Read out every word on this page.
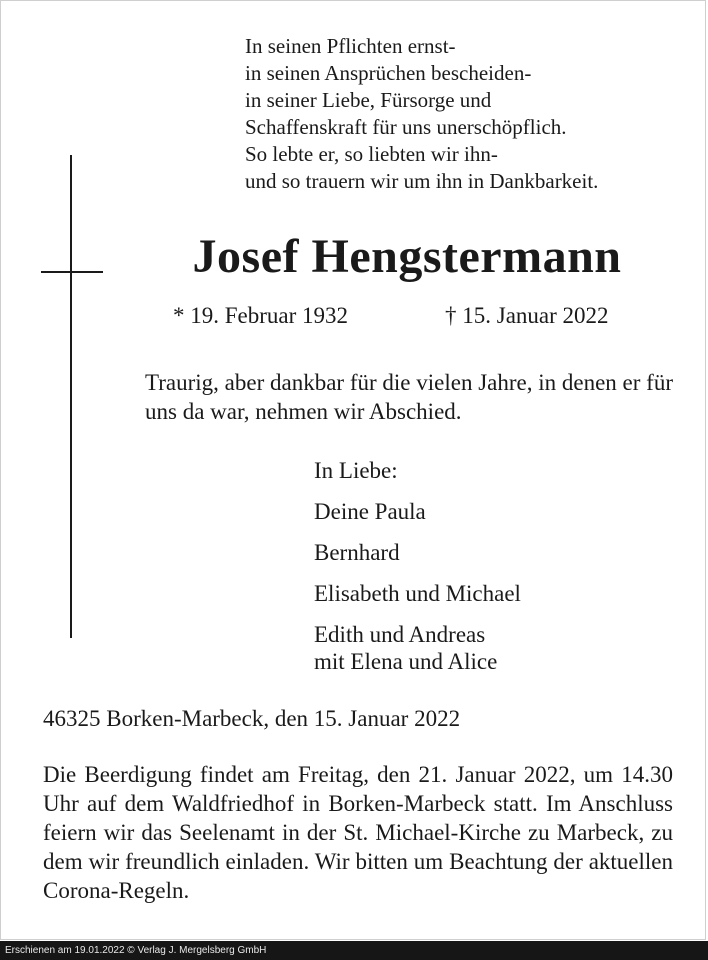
In seinen Pflichten ernst-
in seinen Ansprüchen bescheiden-
in seiner Liebe, Fürsorge und
Schaffenskraft für uns unerschöpflich.
So lebte er, so liebten wir ihn-
und so trauern wir um ihn in Dankbarkeit.
Josef Hengstermann
* 19. Februar 1932	† 15. Januar 2022
Traurig, aber dankbar für die vielen Jahre, in denen er für uns da war, nehmen wir Abschied.
In Liebe:
Deine Paula
Bernhard
Elisabeth und Michael
Edith und Andreas
mit Elena und Alice
46325 Borken-Marbeck, den 15. Januar 2022
Die Beerdigung findet am Freitag, den 21. Januar 2022, um 14.30 Uhr auf dem Waldfriedhof in Borken-Marbeck statt. Im Anschluss feiern wir das Seelenamt in der St. Michael-Kirche zu Marbeck, zu dem wir freundlich einladen. Wir bitten um Beachtung der aktuellen Corona-Regeln.
Erschienen am 19.01.2022 © Verlag J. Mergelsberg GmbH
